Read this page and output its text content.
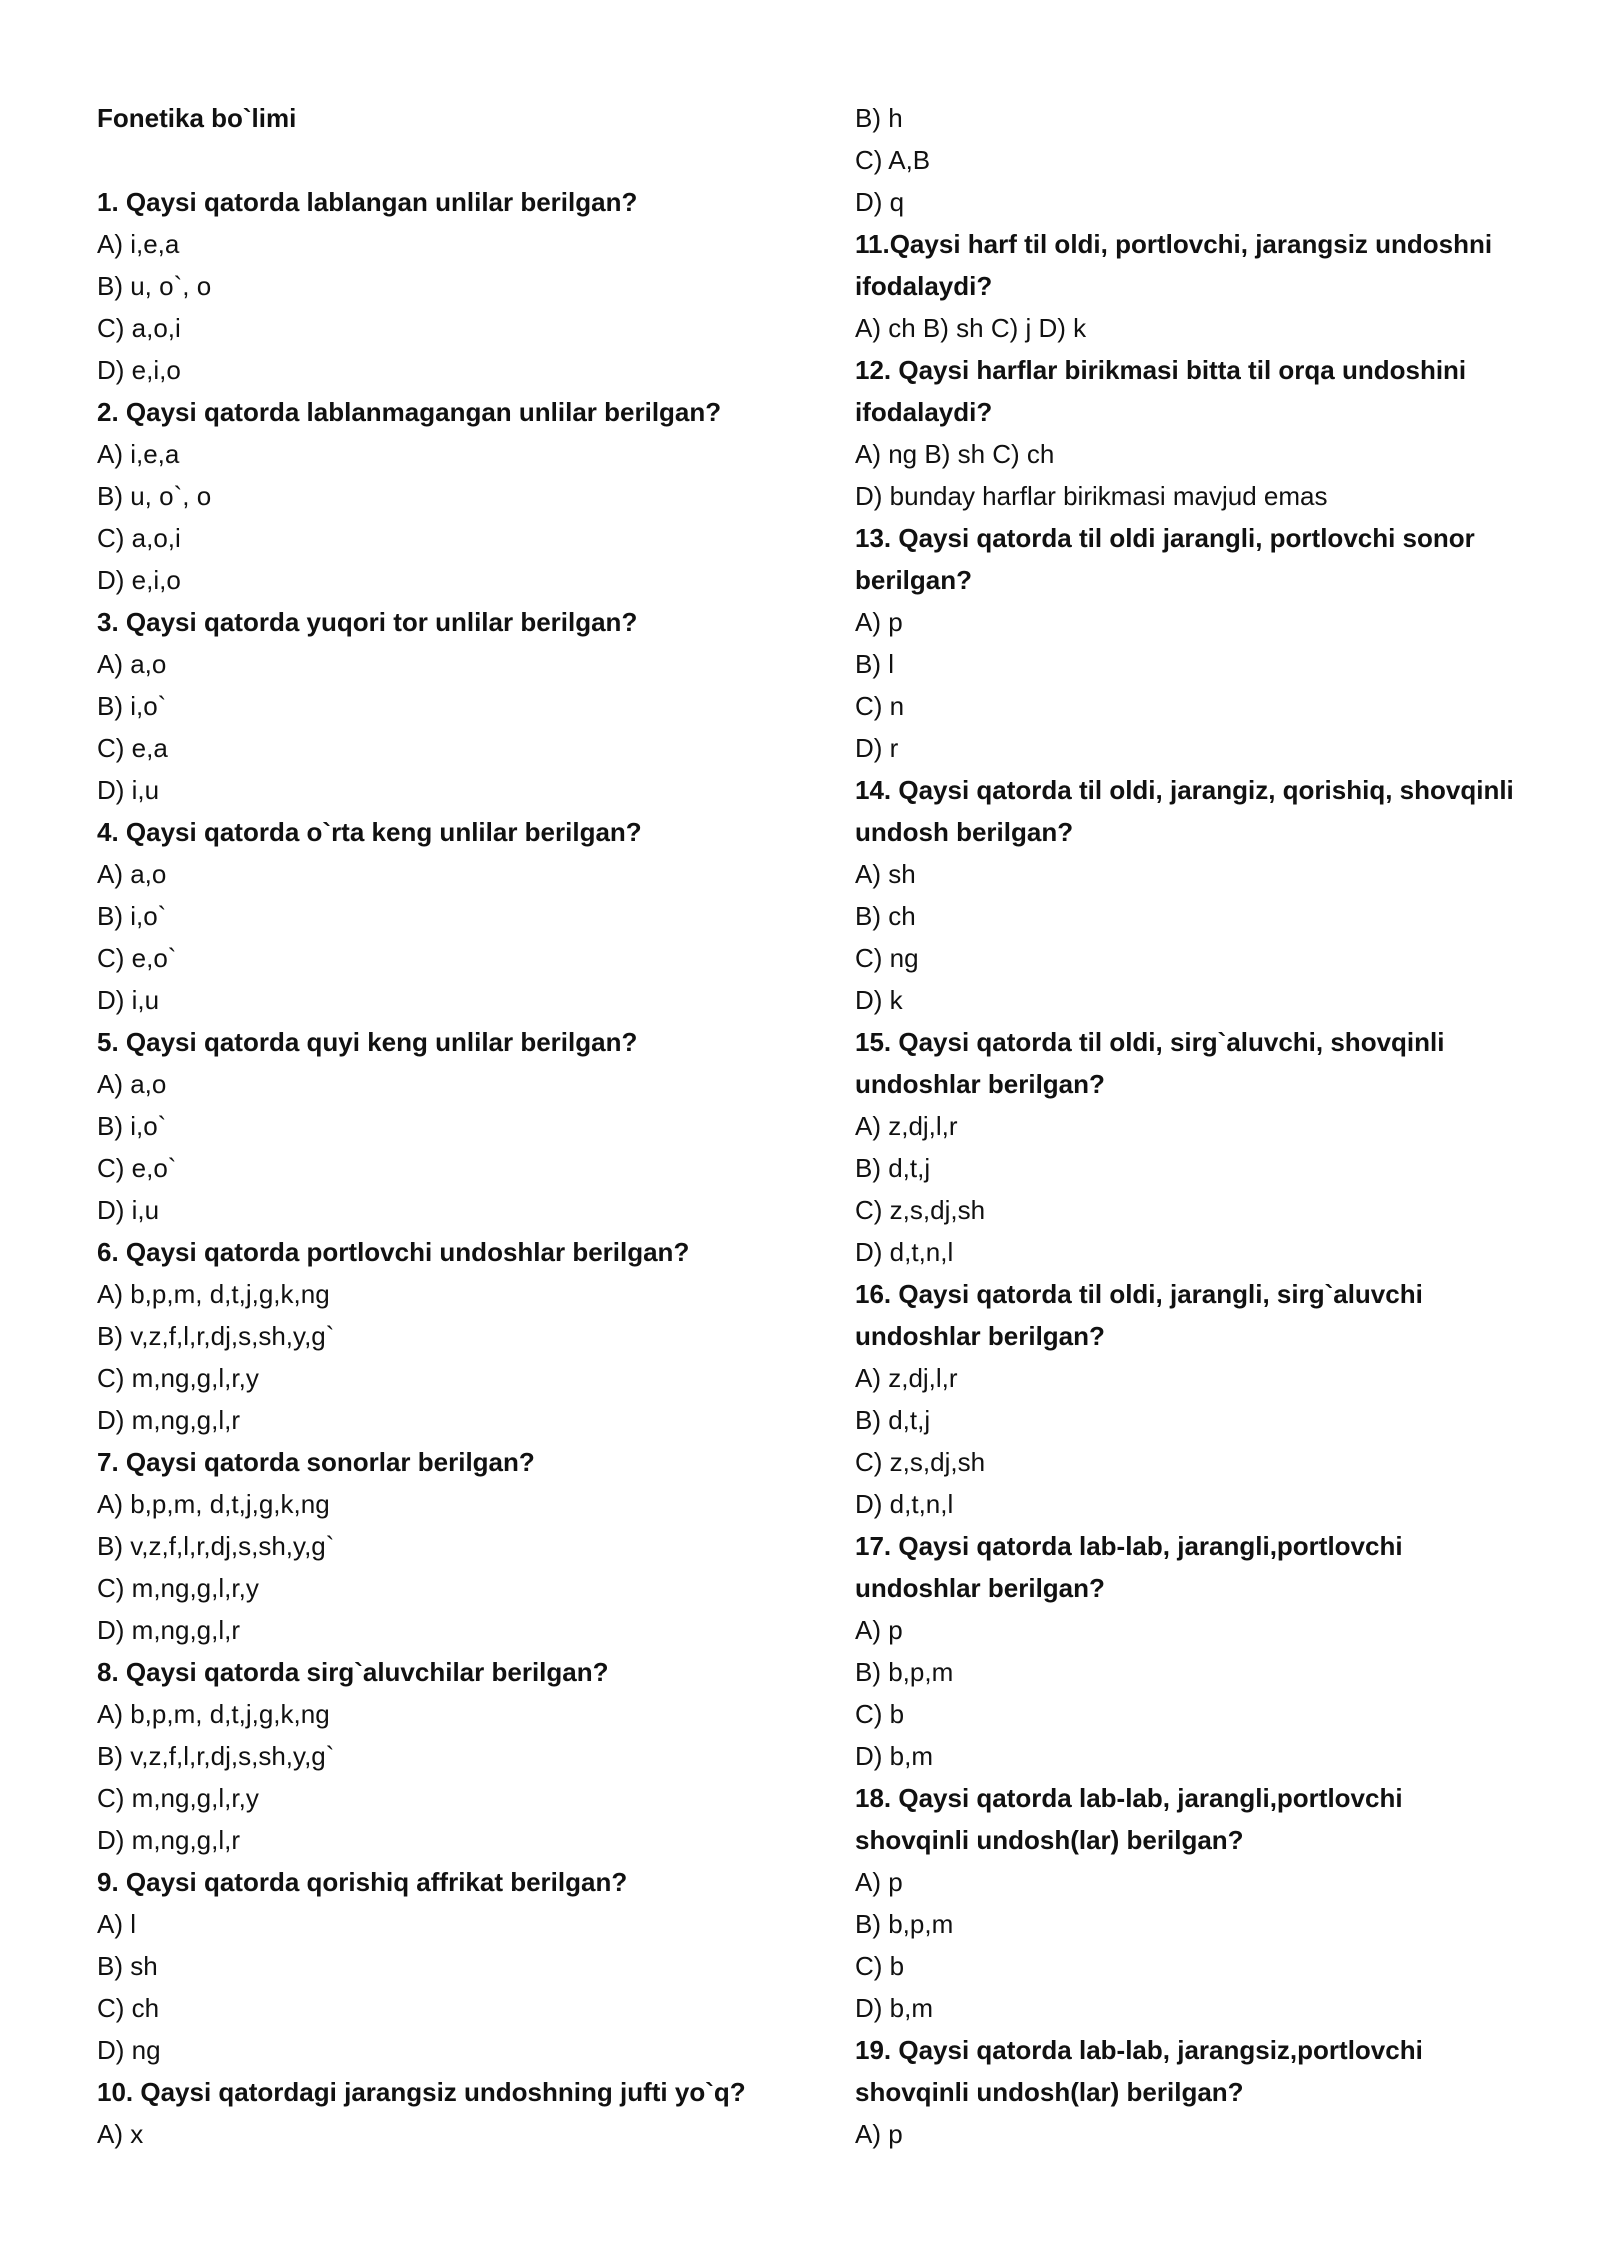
Fonetika bo`limi
1. Qaysi qatorda lablangan unlilar berilgan?
A) i,e,a
B) u, o`, o
C) a,o,i
D) e,i,o
2. Qaysi qatorda lablanmagangan unlilar berilgan?
A) i,e,a
B) u, o`, o
C) a,o,i
D) e,i,o
3. Qaysi qatorda yuqori tor unlilar berilgan?
A) a,o
B) i,o`
C) e,a
D) i,u
4. Qaysi qatorda o`rta keng unlilar berilgan?
A) a,o
B) i,o`
C) e,o`
D) i,u
5. Qaysi qatorda quyi keng unlilar berilgan?
A) a,o
B) i,o`
C) e,o`
D) i,u
6. Qaysi qatorda portlovchi undoshlar berilgan?
A) b,p,m, d,t,j,g,k,ng
B) v,z,f,l,r,dj,s,sh,y,g`
C) m,ng,g,l,r,y
D) m,ng,g,l,r
7. Qaysi qatorda sonorlar berilgan?
A) b,p,m, d,t,j,g,k,ng
B) v,z,f,l,r,dj,s,sh,y,g`
C) m,ng,g,l,r,y
D) m,ng,g,l,r
8. Qaysi qatorda sirg`aluvchilar berilgan?
A) b,p,m, d,t,j,g,k,ng
B) v,z,f,l,r,dj,s,sh,y,g`
C) m,ng,g,l,r,y
D) m,ng,g,l,r
9. Qaysi qatorda qorishiq affrikat berilgan?
A) l
B) sh
C) ch
D) ng
10. Qaysi qatordagi jarangsiz undoshning jufti yo`q?
A) x
B) h
C) A,B
D) q
11.Qaysi harf til oldi, portlovchi, jarangsiz undoshni
ifodalaydi?
A) ch B) sh C) j D) k
12. Qaysi harflar birikmasi bitta til orqa undoshini
ifodalaydi?
A) ng B) sh C) ch
D) bunday harflar birikmasi mavjud emas
13. Qaysi qatorda til oldi jarangli, portlovchi sonor
berilgan?
A) p
B) l
C) n
D) r
14. Qaysi qatorda til oldi, jarangiz, qorishiq, shovqinli
undosh berilgan?
A) sh
B) ch
C) ng
D) k
15. Qaysi qatorda til oldi, sirg`aluvchi, shovqinli
undoshlar berilgan?
A) z,dj,l,r
B) d,t,j
C) z,s,dj,sh
D) d,t,n,l
16. Qaysi qatorda til oldi, jarangli, sirg`aluvchi
undoshlar berilgan?
A) z,dj,l,r
B) d,t,j
C) z,s,dj,sh
D) d,t,n,l
17. Qaysi qatorda lab-lab, jarangli,portlovchi
undoshlar berilgan?
A) p
B) b,p,m
C) b
D) b,m
18. Qaysi qatorda lab-lab, jarangli,portlovchi
shovqinli undosh(lar) berilgan?
A) p
B) b,p,m
C) b
D) b,m
19. Qaysi qatorda lab-lab, jarangsiz,portlovchi
shovqinli undosh(lar) berilgan?
A) p
